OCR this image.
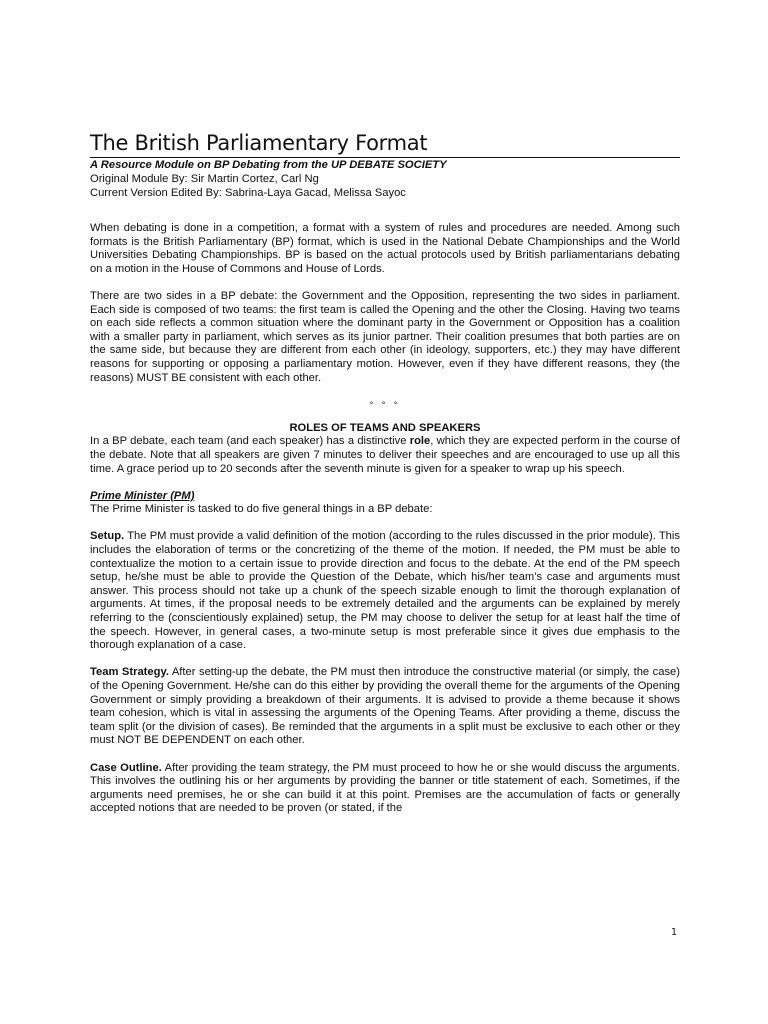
The British Parliamentary Format

A Resource Module on BP Debating from the UP DEBATE SOCIETY

Original Module By: Sir Martin Cortez, Carl Ng

Current Version Edited By: Sabrina-Laya Gacad, Melissa Sayoc

When debating is done in a competition, a format with a system of rules and procedures are needed. Among such formats is the British Parliamentary (BP) format, which is used in the National Debate Championships and the World Universities Debating Championships. BP is based on the actual protocols used by British parliamentarians debating on a motion in the House of Commons and House of Lords.

There are two sides in a BP debate: the Government and the Opposition, representing the two sides in parliament. Each side is composed of two teams: the first team is called the Opening and the other the Closing. Having two teams on each side reflects a common situation where the dominant party in the Government or Opposition has a coalition with a smaller party in parliament, which serves as its junior partner. Their coalition presumes that both parties are on the same side, but because they are different from each other (in ideology, supporters, etc.) they may have different reasons for supporting or opposing a parliamentary motion. However, even if they have different reasons, they (the reasons) MUST BE consistent with each other.

° ° °

ROLES OF TEAMS AND SPEAKERS

In a BP debate, each team (and each speaker) has a distinctive role, which they are expected perform in the course of the debate. Note that all speakers are given 7 minutes to deliver their speeches and are encouraged to use up all this time. A grace period up to 20 seconds after the seventh minute is given for a speaker to wrap up his speech.

Prime Minister (PM)

The Prime Minister is tasked to do five general things in a BP debate:

Setup. The PM must provide a valid definition of the motion (according to the rules discussed in the prior module). This includes the elaboration of terms or the concretizing of the theme of the motion. If needed, the PM must be able to contextualize the motion to a certain issue to provide direction and focus to the debate. At the end of the PM speech setup, he/she must be able to provide the Question of the Debate, which his/her team’s case and arguments must answer. This process should not take up a chunk of the speech sizable enough to limit the thorough explanation of arguments. At times, if the proposal needs to be extremely detailed and the arguments can be explained by merely referring to the (conscientiously explained) setup, the PM may choose to deliver the setup for at least half the time of the speech. However, in general cases, a two-minute setup is most preferable since it gives due emphasis to the thorough explanation of a case.

Team Strategy. After setting-up the debate, the PM must then introduce the constructive material (or simply, the case) of the Opening Government. He/she can do this either by providing the overall theme for the arguments of the Opening Government or simply providing a breakdown of their arguments. It is advised to provide a theme because it shows team cohesion, which is vital in assessing the arguments of the Opening Teams. After providing a theme, discuss the team split (or the division of cases). Be reminded that the arguments in a split must be exclusive to each other or they must NOT BE DEPENDENT on each other.

Case Outline. After providing the team strategy, the PM must proceed to how he or she would discuss the arguments. This involves the outlining his or her arguments by providing the banner or title statement of each. Sometimes, if the arguments need premises, he or she can build it at this point. Premises are the accumulation of facts or generally accepted notions that are needed to be proven (or stated, if the

1
